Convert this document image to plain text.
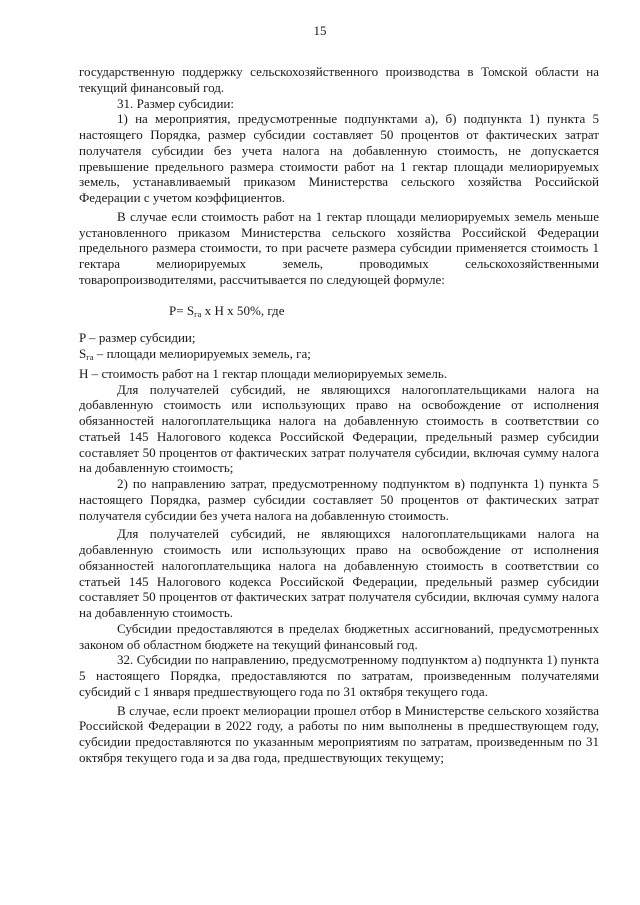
15

государственную поддержку сельскохозяйственного производства в Томской области на текущий финансовый год.

31. Размер субсидии:

1) на мероприятия, предусмотренные подпунктами а), б) подпункта 1) пункта 5 настоящего Порядка, размер субсидии составляет 50 процентов от фактических затрат получателя субсидии без учета налога на добавленную стоимость, не допускается превышение предельного размера стоимости работ на 1 гектар площади мелиорируемых земель, устанавливаемый приказом Министерства сельского хозяйства Российской Федерации с учетом коэффициентов.

В случае если стоимость работ на 1 гектар площади мелиорируемых земель меньше установленного приказом Министерства сельского хозяйства Российской Федерации предельного размера стоимости, то при расчете размера субсидии применяется стоимость 1 гектара мелиорируемых земель, проводимых сельскохозяйственными товаропроизводителями, рассчитывается по следующей формуле:

$P= S_{га}$ x H x 50%, где

P – размер субсидии;

$S_{га}$ – площади мелиорируемых земель, га;

H – стоимость работ на 1 гектар площади мелиорируемых земель.

Для получателей субсидий, не являющихся налогоплательщиками налога на добавленную стоимость или использующих право на освобождение от исполнения обязанностей налогоплательщика налога на добавленную стоимость в соответствии со статьей 145 Налогового кодекса Российской Федерации, предельный размер субсидии составляет 50 процентов от фактических затрат получателя субсидии, включая сумму налога на добавленную стоимость;

2) по направлению затрат, предусмотренному подпунктом в) подпункта 1) пункта 5 настоящего Порядка, размер субсидии составляет 50 процентов от фактических затрат получателя субсидии без учета налога на добавленную стоимость.

Для получателей субсидий, не являющихся налогоплательщиками налога на добавленную стоимость или использующих право на освобождение от исполнения обязанностей налогоплательщика налога на добавленную стоимость в соответствии со статьей 145 Налогового кодекса Российской Федерации, предельный размер субсидии составляет 50 процентов от фактических затрат получателя субсидии, включая сумму налога на добавленную стоимость.

Субсидии предоставляются в пределах бюджетных ассигнований, предусмотренных законом об областном бюджете на текущий финансовый год.

32. Субсидии по направлению, предусмотренному подпунктом а) подпункта 1) пункта 5 настоящего Порядка, предоставляются по затратам, произведенным получателями субсидий с 1 января предшествующего года по 31 октября текущего года.

В случае, если проект мелиорации прошел отбор в Министерстве сельского хозяйства Российской Федерации в 2022 году, а работы по ним выполнены в предшествующем году, субсидии предоставляются по указанным мероприятиям по затратам, произведенным по 31 октября текущего года и за два года, предшествующих текущему;
